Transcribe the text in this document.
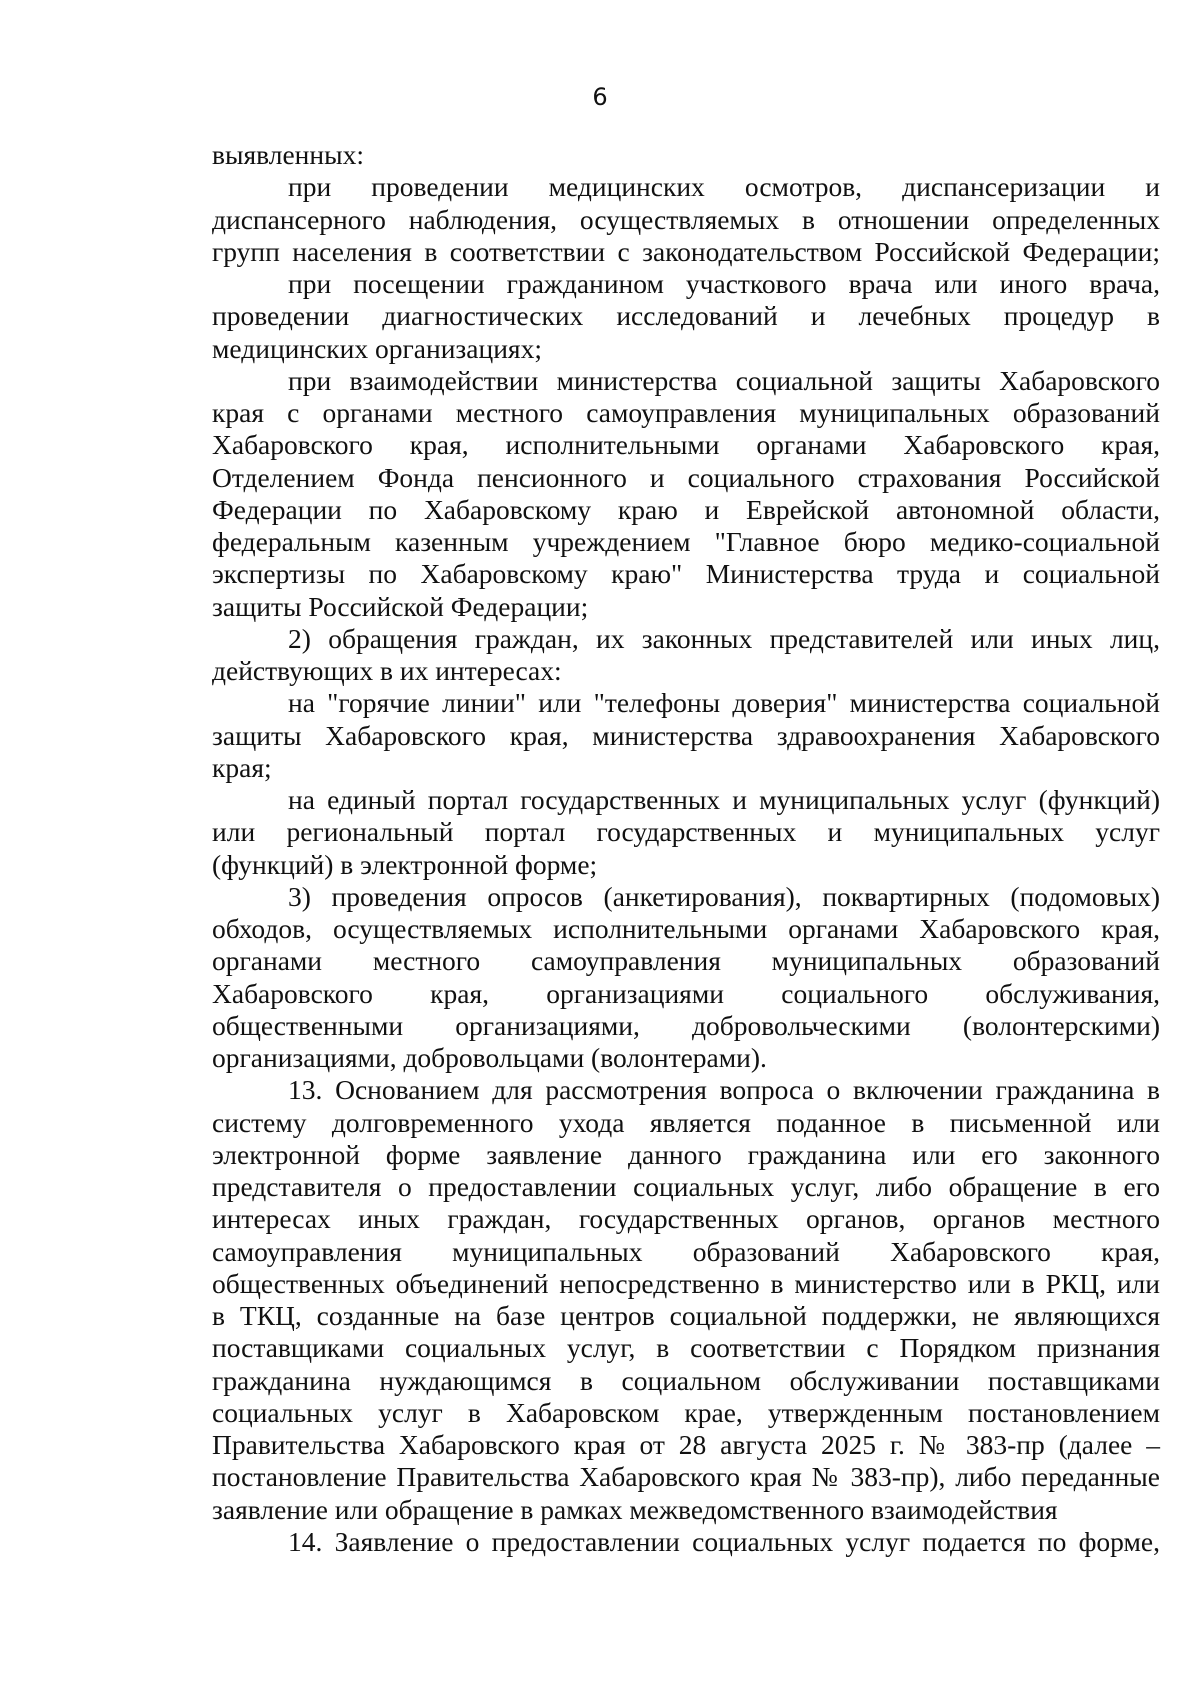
6
выявленных:
при проведении медицинских осмотров, диспансеризации и
диспансерного наблюдения, осуществляемых в отношении определенных
групп населения в соответствии с законодательством Российской Федерации;
при посещении гражданином участкового врача или иного врача,
проведении диагностических исследований и лечебных процедур в
медицинских организациях;
при взаимодействии министерства социальной защиты Хабаровского
края с органами местного самоуправления муниципальных образований
Хабаровского края, исполнительными органами Хабаровского края,
Отделением Фонда пенсионного и социального страхования Российской
Федерации по Хабаровскому краю и Еврейской автономной области,
федеральным казенным учреждением "Главное бюро медико-социальной
экспертизы по Хабаровскому краю" Министерства труда и социальной
защиты Российской Федерации;
2) обращения граждан, их законных представителей или иных лиц,
действующих в их интересах:
на "горячие линии" или "телефоны доверия" министерства социальной
защиты Хабаровского края, министерства здравоохранения Хабаровского
края;
на единый портал государственных и муниципальных услуг (функций)
или региональный портал государственных и муниципальных услуг
(функций) в электронной форме;
3) проведения опросов (анкетирования), поквартирных (подомовых)
обходов, осуществляемых исполнительными органами Хабаровского края,
органами местного самоуправления муниципальных образований
Хабаровского края, организациями социального обслуживания,
общественными организациями, добровольческими (волонтерскими)
организациями, добровольцами (волонтерами).
13. Основанием для рассмотрения вопроса о включении гражданина в
систему долговременного ухода является поданное в письменной или
электронной форме заявление данного гражданина или его законного
представителя о предоставлении социальных услуг, либо обращение в его
интересах иных граждан, государственных органов, органов местного
самоуправления муниципальных образований Хабаровского края,
общественных объединений непосредственно в министерство или в РКЦ, или
в ТКЦ, созданные на базе центров социальной поддержки, не являющихся
поставщиками социальных услуг, в соответствии с Порядком признания
гражданина нуждающимся в социальном обслуживании поставщиками
социальных услуг в Хабаровском крае, утвержденным постановлением
Правительства Хабаровского края от 28 августа 2025 г. № 383-пр (далее –
постановление Правительства Хабаровского края № 383-пр), либо переданные
заявление или обращение в рамках межведомственного взаимодействия
14. Заявление о предоставлении социальных услуг подается по форме,
